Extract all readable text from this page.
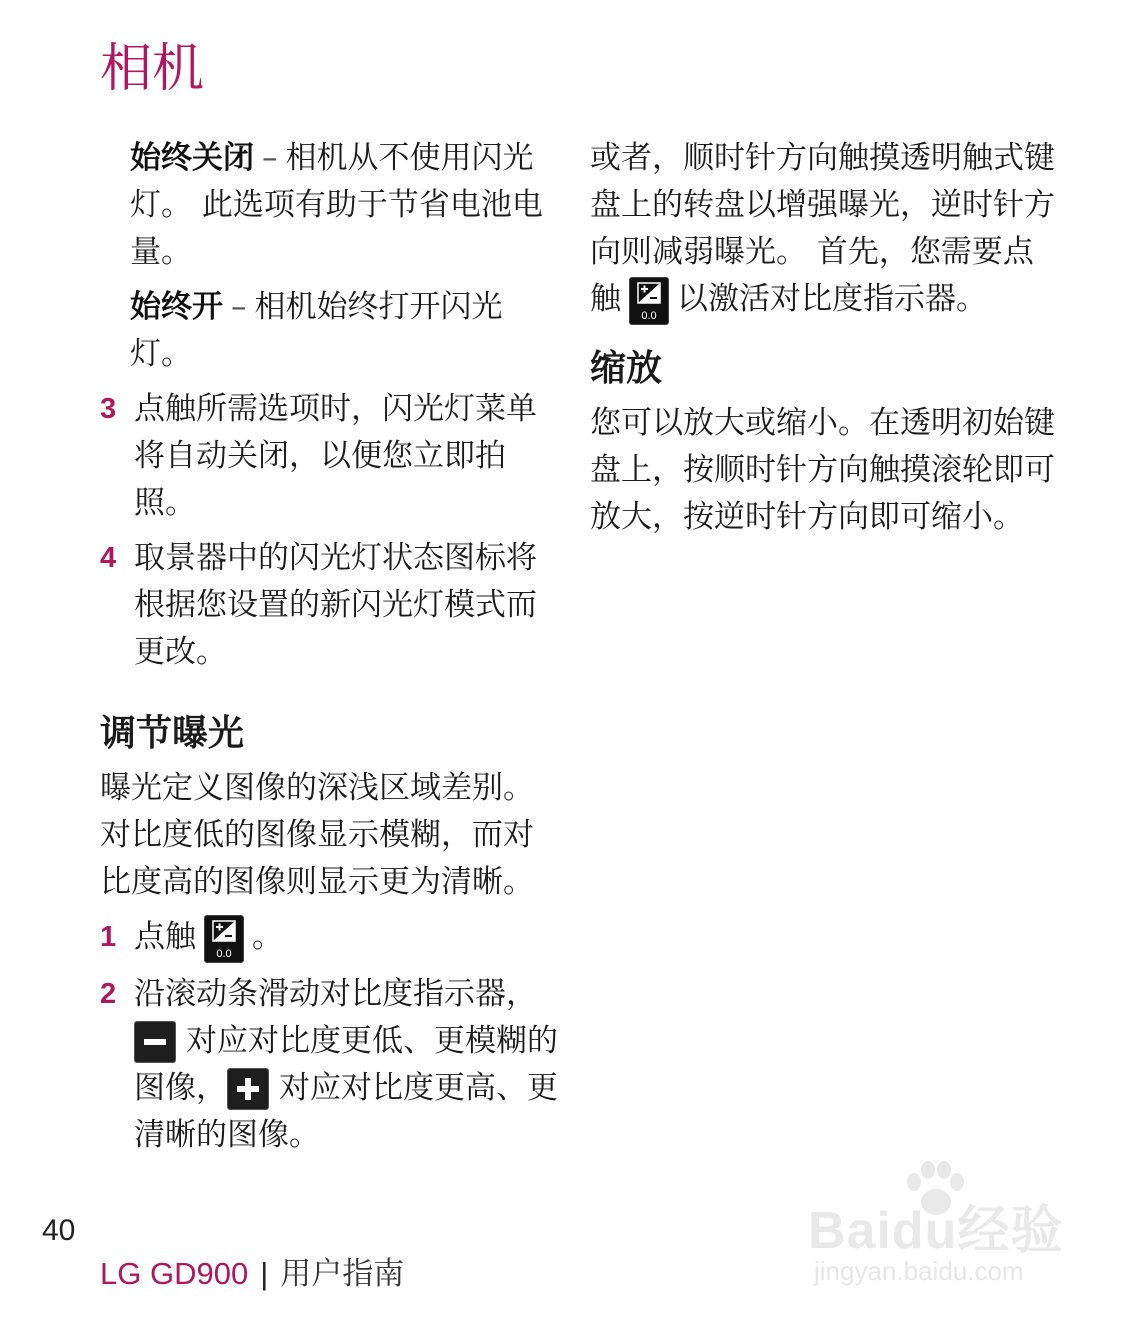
相机

始终关闭 – 相机从不使用闪光灯。 此选项有助于节省电池电量。

始终开 – 相机始终打开闪光灯。

3 点触所需选项时，闪光灯菜单将自动关闭，以便您立即拍照。
4 取景器中的闪光灯状态图标将根据您设置的新闪光灯模式而更改。
调节曝光

曝光定义图像的深浅区域差别。对比度低的图像显示模糊，而对比度高的图像则显示更为清晰。

1 点触	0.0 。
2 沿滚动条滑动对比度指示器，

对应对比度更低、更模糊的图像， 对应对比度更高、更清晰的图像。

或者，顺时针方向触摸透明触式键盘上的转盘以增强曝光，逆时针方向则减弱曝光。 首先，您需要点触	0.0 以激活对比度指示器。

缩放

您可以放大或缩小。在透明初始键盘上，按顺时针方向触摸滚轮即可放大，按逆时针方向即可缩小。

40
LG GD900 | 用户指南
Baidu经验
jingyan.baidu.com
